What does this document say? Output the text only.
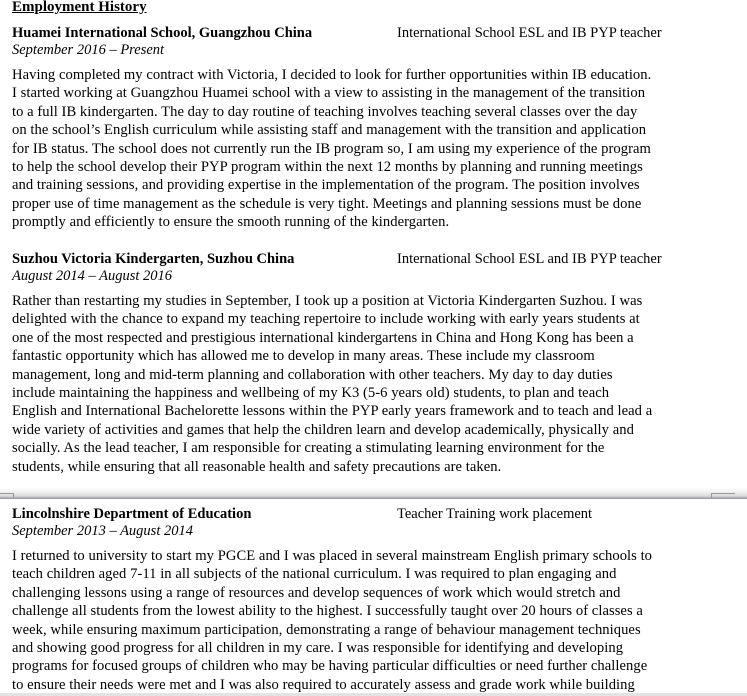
Employment History
Huamei International School, Guangzhou China	International School ESL and IB PYP teacher
September 2016 – Present
Having completed my contract with Victoria, I decided to look for further opportunities within IB education.
I started working at Guangzhou Huamei school with a view to assisting in the management of the transition
to a full IB kindergarten. The day to day routine of teaching involves teaching several classes over the day
on the school’s English curriculum while assisting staff and management with the transition and application
for IB status. The school does not currently run the IB program so, I am using my experience of the program
to help the school develop their PYP program within the next 12 months by planning and running meetings
and training sessions, and providing expertise in the implementation of the program. The position involves
proper use of time management as the schedule is very tight. Meetings and planning sessions must be done
promptly and efficiently to ensure the smooth running of the kindergarten.
Suzhou Victoria Kindergarten, Suzhou China	International School ESL and IB PYP teacher
August 2014 – August 2016
Rather than restarting my studies in September, I took up a position at Victoria Kindergarten Suzhou. I was
delighted with the chance to expand my teaching repertoire to include working with early years students at
one of the most respected and prestigious international kindergartens in China and Hong Kong has been a
fantastic opportunity which has allowed me to develop in many areas. These include my classroom
management, long and mid-term planning and collaboration with other teachers. My day to day duties
include maintaining the happiness and wellbeing of my K3 (5-6 years old) students, to plan and teach
English and International Bachelorette lessons within the PYP early years framework and to teach and lead a
wide variety of activities and games that help the children learn and develop academically, physically and
socially. As the lead teacher, I am responsible for creating a stimulating learning environment for the
students, while ensuring that all reasonable health and safety precautions are taken.
Lincolnshire Department of Education	Teacher Training work placement
September 2013 – August 2014
I returned to university to start my PGCE and I was placed in several mainstream English primary schools to
teach children aged 7-11 in all subjects of the national curriculum. I was required to plan engaging and
challenging lessons using a range of resources and develop sequences of work which would stretch and
challenge all students from the lowest ability to the highest. I successfully taught over 20 hours of classes a
week, while ensuring maximum participation, demonstrating a range of behaviour management techniques
and showing good progress for all children in my care. I was responsible for identifying and developing
programs for focused groups of children who may be having particular difficulties or need further challenge
to ensure their needs were met and I was also required to accurately assess and grade work while building
